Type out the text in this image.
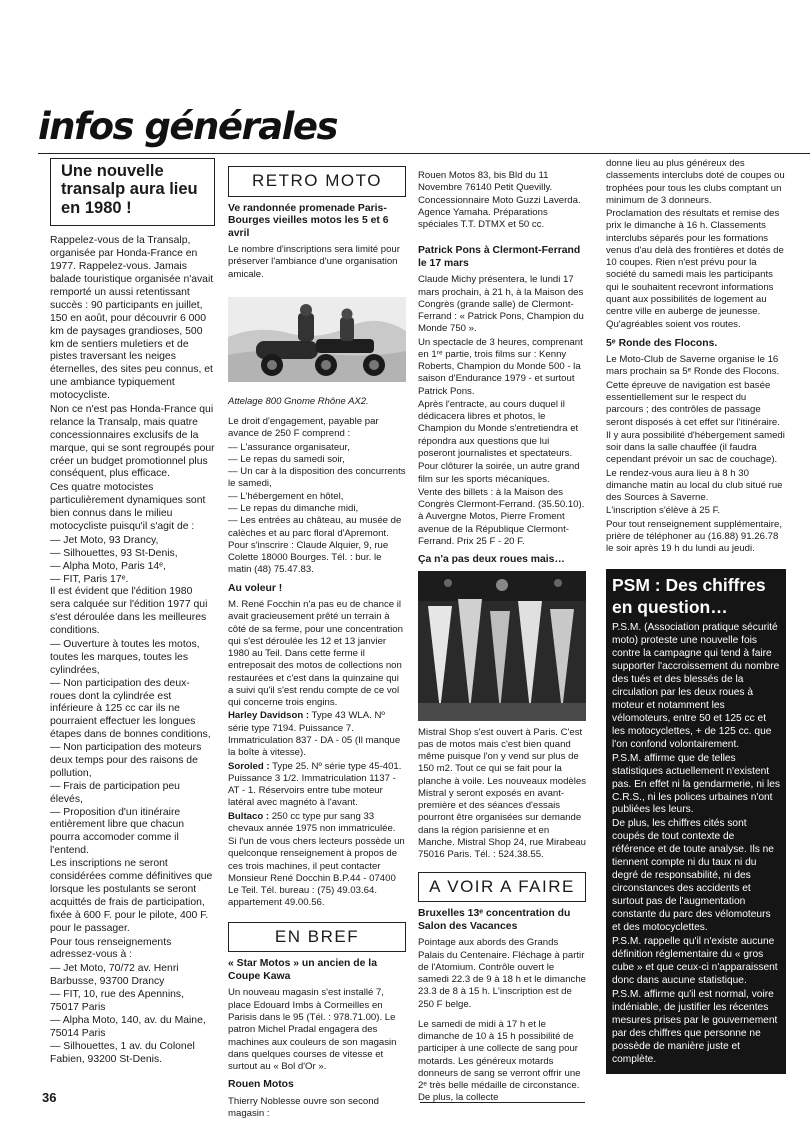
infos générales
Une nouvelle transalp aura lieu en 1980 !

Rappelez-vous de la Transalp, organisée par Honda-France en 1977. Rappelez-vous. Jamais balade touristique organisée n'avait remporté un aussi retentissant succès : 90 participants en juillet, 150 en août, pour découvrir 6 000 km de paysages grandioses, 500 km de sentiers muletiers et de pistes traversant les neiges éternelles, des sites peu connus, et une ambiance typiquement motocycliste.

Non ce n'est pas Honda-France qui relance la Transalp, mais quatre concessionnaires exclusifs de la marque, qui se sont regroupés pour créer un budget promotionnel plus conséquent, plus efficace.

Ces quatre motocistes particulièrement dynamiques sont bien connus dans le milieu motocycliste puisqu'il s'agit de :

— Jet Moto, 93 Drancy,

— Silhouettes, 93 St-Denis,

— Alpha Moto, Paris 14ᵉ,

— FIT, Paris 17ᵉ.

Il est évident que l'édition 1980 sera calquée sur l'édition 1977 qui s'est déroulée dans les meilleures conditions.

— Ouverture à toutes les motos, toutes les marques, toutes les cylindrées,

— Non participation des deux-roues dont la cylindrée est inférieure à 125 cc car ils ne pourraient effectuer les longues étapes dans de bonnes conditions,

— Non participation des moteurs deux temps pour des raisons de pollution,

— Frais de participation peu élevés,

— Proposition d'un itinéraire entièrement libre que chacun pourra accomoder comme il l'entend.

Les inscriptions ne seront considérées comme définitives que lorsque les postulants se seront acquittés de frais de participation, fixée à 600 F. pour le pilote, 400 F. pour le passager.

Pour tous renseignements adressez-vous à :

— Jet Moto, 70/72 av. Henri Barbusse, 93700 Drancy

— FIT, 10, rue des Apennins, 75017 Paris

— Alpha Moto, 140, av. du Maine, 75014 Paris

— Silhouettes, 1 av. du Colonel Fabien, 93200 St-Denis.

RETRO MOTO
Ve randonnée promenade Paris-Bourges vieilles motos les 5 et 6 avril

Le nombre d'inscriptions sera limité pour préserver l'ambiance d'une organisation amicale.

Attelage 800 Gnome Rhône AX2.

Le droit d'engagement, payable par avance de 250 F comprend :

— L'assurance organisateur,

— Le repas du samedi soir,

— Un car à la disposition des concurrents le samedi,

— L'hébergement en hôtel,

— Le repas du dimanche midi,

— Les entrées au château, au musée de calèches et au parc floral d'Apremont.

Pour s'inscrire : Claude Alquier, 9, rue Colette 18000 Bourges. Tél. : bur. le matin (48) 75.47.83.

Au voleur !

M. René Focchin n'a pas eu de chance il avait gracieusement prêté un terrain à côté de sa ferme, pour une concentration qui s'est déroulée les 12 et 13 janvier 1980 au Teil. Dans cette ferme il entreposait des motos de collections non restaurées et c'est dans la quinzaine qui a suivi qu'il s'est rendu compte de ce vol qui concerne trois engins.

Harley Davidson : Type 43 WLA. Nº série type 7194. Puissance 7. Immatriculation 837 - DA - 05 (Il manque la boîte à vitesse).

Soroled : Type 25. Nº série type 45-401. Puissance 3 1/2. Immatriculation 1137 - AT - 1. Réservoirs entre tube moteur latéral avec magnéto à l'avant.

Bultaco : 250 cc type pur sang 33 chevaux année 1975 non immatriculée.

Si l'un de vous chers lecteurs possède un quelconque renseignement à propos de ces trois machines, il peut contacter Monsieur René Docchin B.P.44 - 07400 Le Teil. Tél. bureau : (75) 49.03.64. appartement 49.00.56.

EN BREF
« Star Motos » un ancien de la Coupe Kawa

Un nouveau magasin s'est installé 7, place Edouard Imbs à Cormeilles en Parisis dans le 95 (Tél. : 978.71.00). Le patron Michel Pradal engagera des machines aux couleurs de son magasin dans quelques courses de vitesse et surtout au « Bol d'Or ».

Rouen Motos

Thierry Noblesse ouvre son second magasin :

Rouen Motos 83, bis Bld du 11 Novembre 76140 Petit Quevilly. Concessionnaire Moto Guzzi Laverda. Agence Yamaha. Préparations spéciales T.T. DTMX et 50 cc.

Patrick Pons à Clermont-Ferrand le 17 mars

Claude Michy présentera, le lundi 17 mars prochain, à 21 h, à la Maison des Congrès (grande salle) de Clermont-Ferrand : « Patrick Pons, Champion du Monde 750 ».

Un spectacle de 3 heures, comprenant en 1ʳᵉ partie, trois films sur : Kenny Roberts, Champion du Monde 500 - la saison d'Endurance 1979 - et surtout Patrick Pons.

Après l'entracte, au cours duquel il dédicacera libres et photos, le Champion du Monde s'entretiendra et répondra aux questions que lui poseront journalistes et spectateurs.

Pour clôturer la soirée, un autre grand film sur les sports mécaniques.

Vente des billets : à la Maison des Congrès Clermont-Ferrand. (35.50.10). à Auvergne Motos, Pierre Froment avenue de la République Clermont-Ferrand. Prix 25 F - 20 F.

Ça n'a pas deux roues mais…

Mistral Shop s'est ouvert à Paris. C'est pas de motos mais c'est bien quand même puisque l'on y vend sur plus de 150 m2. Tout ce qui se fait pour la planche à voile. Les nouveaux modèles Mistral y seront exposés en avant-première et des séances d'essais pourront être organisées sur demande dans la région parisienne et en Manche. Mistral Shop 24, rue Mirabeau 75016 Paris. Tél. : 524.38.55.

A VOIR A FAIRE
Bruxelles 13ᵉ concentration du Salon des Vacances

Pointage aux abords des Grands Palais du Centenaire. Fléchage à partir de l'Atomium. Contrôle ouvert le samedi 22.3 de 9 à 18 h et le dimanche 23.3 de 8 à 15 h. L'inscription est de 250 F belge.

Le samedi de midi à 17 h et le dimanche de 10 à 15 h possibilité de participer à une collecte de sang pour motards. Les généreux motards donneurs de sang se verront offrir une 2ᵉ très belle médaille de circonstance. De plus, la collecte

donne lieu au plus généreux des classements interclubs doté de coupes ou trophées pour tous les clubs comptant un minimum de 3 donneurs.

Proclamation des résultats et remise des prix le dimanche à 16 h. Classements interclubs séparés pour les formations venus d'au delà des frontières et dotés de 10 coupes. Rien n'est prévu pour la société du samedi mais les participants qui le souhaitent recevront informations quant aux possibilités de logement au centre ville en auberge de jeunesse.

Qu'agréables soient vos routes.

5ᵉ Ronde des Flocons.

Le Moto-Club de Saverne organise le 16 mars prochain sa 5ᵉ Ronde des Flocons.

Cette épreuve de navigation est basée essentiellement sur le respect du parcours ; des contrôles de passage seront disposés à cet effet sur l'itinéraire.

Il y aura possibilité d'hébergement samedi soir dans la salle chauffée (il faudra cependant prévoir un sac de couchage).

Le rendez-vous aura lieu à 8 h 30 dimanche matin au local du club situé rue des Sources à Saverne.

L'inscription s'élève à 25 F.

Pour tout renseignement supplémentaire, prière de téléphoner au (16.88) 91.26.78 le soir après 19 h du lundi au jeudi.

PSM : Des chiffres en question…

P.S.M. (Association pratique sécurité moto) proteste une nouvelle fois contre la campagne qui tend à faire supporter l'accroissement du nombre des tués et des blessés de la circulation par les deux roues à moteur et notamment les vélomoteurs, entre 50 et 125 cc et les motocyclettes, + de 125 cc. que l'on confond volontairement.

P.S.M. affirme que de telles statistiques actuellement n'existent pas. En effet ni la gendarmerie, ni les C.R.S., ni les polices urbaines n'ont publiées les leurs.

De plus, les chiffres cités sont coupés de tout contexte de référence et de toute analyse. Ils ne tiennent compte ni du taux ni du degré de responsabilité, ni des circonstances des accidents et surtout pas de l'augmentation constante du parc des vélomoteurs et des motocyclettes.

P.S.M. rappelle qu'il n'existe aucune définition réglementaire du « gros cube » et que ceux-ci n'apparaissent donc dans aucune statistique.

P.S.M. affirme qu'il est normal, voire indéniable, de justifier les récentes mesures prises par le gouvernement par des chiffres que personne ne possède de manière juste et complète.

36
